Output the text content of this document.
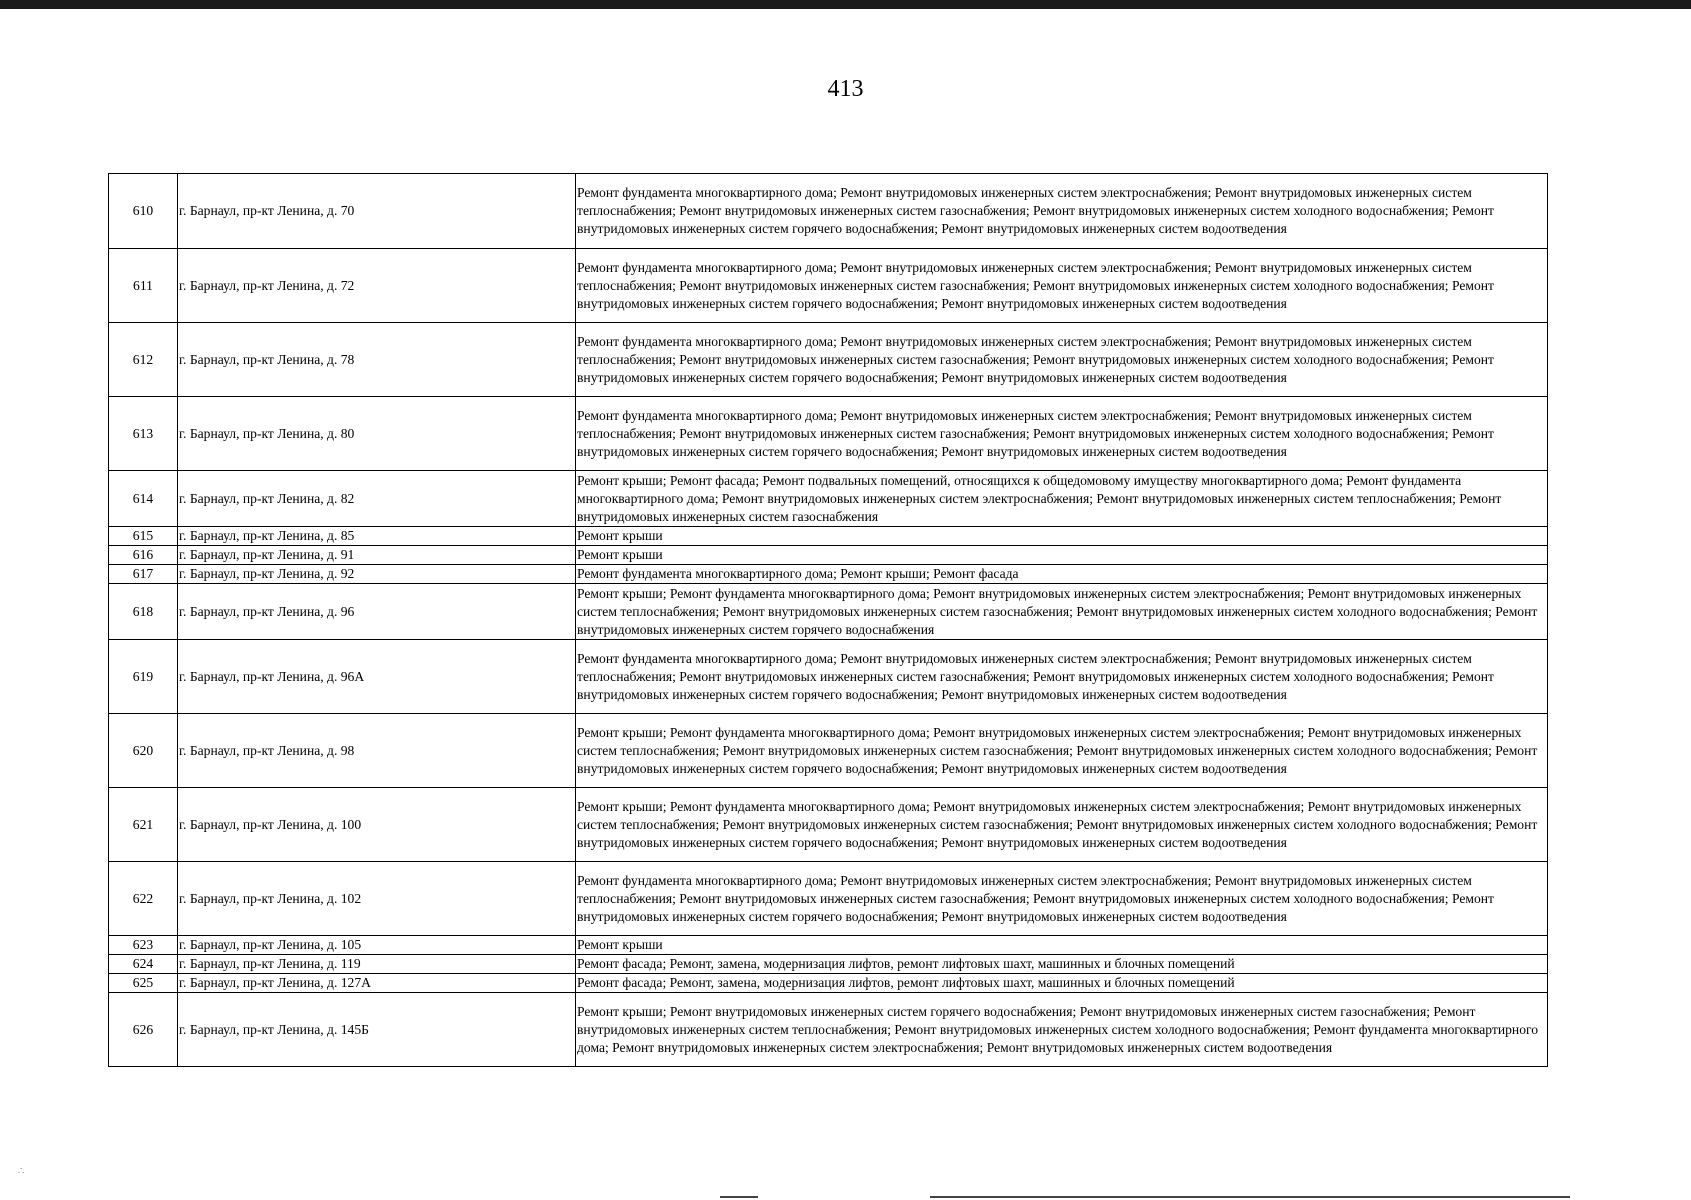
413
610	г. Барнаул, пр-кт Ленина, д. 70	Ремонт фундамента многоквартирного дома; Ремонт внутридомовых инженерных систем электроснабжения; Ремонт внутридомовых инженерных систем теплоснабжения; Ремонт внутридомовых инженерных систем газоснабжения; Ремонт внутридомовых инженерных систем холодного водоснабжения; Ремонт внутридомовых инженерных систем горячего водоснабжения; Ремонт внутридомовых инженерных систем водоотведения
611	г. Барнаул, пр-кт Ленина, д. 72	Ремонт фундамента многоквартирного дома; Ремонт внутридомовых инженерных систем электроснабжения; Ремонт внутридомовых инженерных систем теплоснабжения; Ремонт внутридомовых инженерных систем газоснабжения; Ремонт внутридомовых инженерных систем холодного водоснабжения; Ремонт внутридомовых инженерных систем горячего водоснабжения; Ремонт внутридомовых инженерных систем водоотведения
612	г. Барнаул, пр-кт Ленина, д. 78	Ремонт фундамента многоквартирного дома; Ремонт внутридомовых инженерных систем электроснабжения; Ремонт внутридомовых инженерных систем теплоснабжения; Ремонт внутридомовых инженерных систем газоснабжения; Ремонт внутридомовых инженерных систем холодного водоснабжения; Ремонт внутридомовых инженерных систем горячего водоснабжения; Ремонт внутридомовых инженерных систем водоотведения
613	г. Барнаул, пр-кт Ленина, д. 80	Ремонт фундамента многоквартирного дома; Ремонт внутридомовых инженерных систем электроснабжения; Ремонт внутридомовых инженерных систем теплоснабжения; Ремонт внутридомовых инженерных систем газоснабжения; Ремонт внутридомовых инженерных систем холодного водоснабжения; Ремонт внутридомовых инженерных систем горячего водоснабжения; Ремонт внутридомовых инженерных систем водоотведения
614	г. Барнаул, пр-кт Ленина, д. 82	Ремонт крыши; Ремонт фасада; Ремонт подвальных помещений, относящихся к общедомовому имуществу многоквартирного дома; Ремонт фундамента многоквартирного дома; Ремонт внутридомовых инженерных систем электроснабжения; Ремонт внутридомовых инженерных систем теплоснабжения; Ремонт внутридомовых инженерных систем газоснабжения
615	г. Барнаул, пр-кт Ленина, д. 85	Ремонт крыши
616	г. Барнаул, пр-кт Ленина, д. 91	Ремонт крыши
617	г. Барнаул, пр-кт Ленина, д. 92	Ремонт фундамента многоквартирного дома; Ремонт крыши; Ремонт фасада
618	г. Барнаул, пр-кт Ленина, д. 96	Ремонт крыши; Ремонт фундамента многоквартирного дома; Ремонт внутридомовых инженерных систем электроснабжения; Ремонт внутридомовых инженерных систем теплоснабжения; Ремонт внутридомовых инженерных систем газоснабжения; Ремонт внутридомовых инженерных систем холодного водоснабжения; Ремонт внутридомовых инженерных систем горячего водоснабжения
619	г. Барнаул, пр-кт Ленина, д. 96А	Ремонт фундамента многоквартирного дома; Ремонт внутридомовых инженерных систем электроснабжения; Ремонт внутридомовых инженерных систем теплоснабжения; Ремонт внутридомовых инженерных систем газоснабжения; Ремонт внутридомовых инженерных систем холодного водоснабжения; Ремонт внутридомовых инженерных систем горячего водоснабжения; Ремонт внутридомовых инженерных систем водоотведения
620	г. Барнаул, пр-кт Ленина, д. 98	Ремонт крыши; Ремонт фундамента многоквартирного дома; Ремонт внутридомовых инженерных систем электроснабжения; Ремонт внутридомовых инженерных систем теплоснабжения; Ремонт внутридомовых инженерных систем газоснабжения; Ремонт внутридомовых инженерных систем холодного водоснабжения; Ремонт внутридомовых инженерных систем горячего водоснабжения; Ремонт внутридомовых инженерных систем водоотведения
621	г. Барнаул, пр-кт Ленина, д. 100	Ремонт крыши; Ремонт фундамента многоквартирного дома; Ремонт внутридомовых инженерных систем электроснабжения; Ремонт внутридомовых инженерных систем теплоснабжения; Ремонт внутридомовых инженерных систем газоснабжения; Ремонт внутридомовых инженерных систем холодного водоснабжения; Ремонт внутридомовых инженерных систем горячего водоснабжения; Ремонт внутридомовых инженерных систем водоотведения
622	г. Барнаул, пр-кт Ленина, д. 102	Ремонт фундамента многоквартирного дома; Ремонт внутридомовых инженерных систем электроснабжения; Ремонт внутридомовых инженерных систем теплоснабжения; Ремонт внутридомовых инженерных систем газоснабжения; Ремонт внутридомовых инженерных систем холодного водоснабжения; Ремонт внутридомовых инженерных систем горячего водоснабжения; Ремонт внутридомовых инженерных систем водоотведения
623	г. Барнаул, пр-кт Ленина, д. 105	Ремонт крыши
624	г. Барнаул, пр-кт Ленина, д. 119	Ремонт фасада; Ремонт, замена, модернизация лифтов, ремонт лифтовых шахт, машинных и блочных помещений
625	г. Барнаул, пр-кт Ленина, д. 127А	Ремонт фасада; Ремонт, замена, модернизация лифтов, ремонт лифтовых шахт, машинных и блочных помещений
626	г. Барнаул, пр-кт Ленина, д. 145Б	Ремонт крыши; Ремонт внутридомовых инженерных систем горячего водоснабжения; Ремонт внутридомовых инженерных систем газоснабжения; Ремонт внутридомовых инженерных систем теплоснабжения; Ремонт внутридомовых инженерных систем холодного водоснабжения; Ремонт фундамента многоквартирного дома; Ремонт внутридомовых инженерных систем электроснабжения; Ремонт внутридомовых инженерных систем водоотведения
∴
